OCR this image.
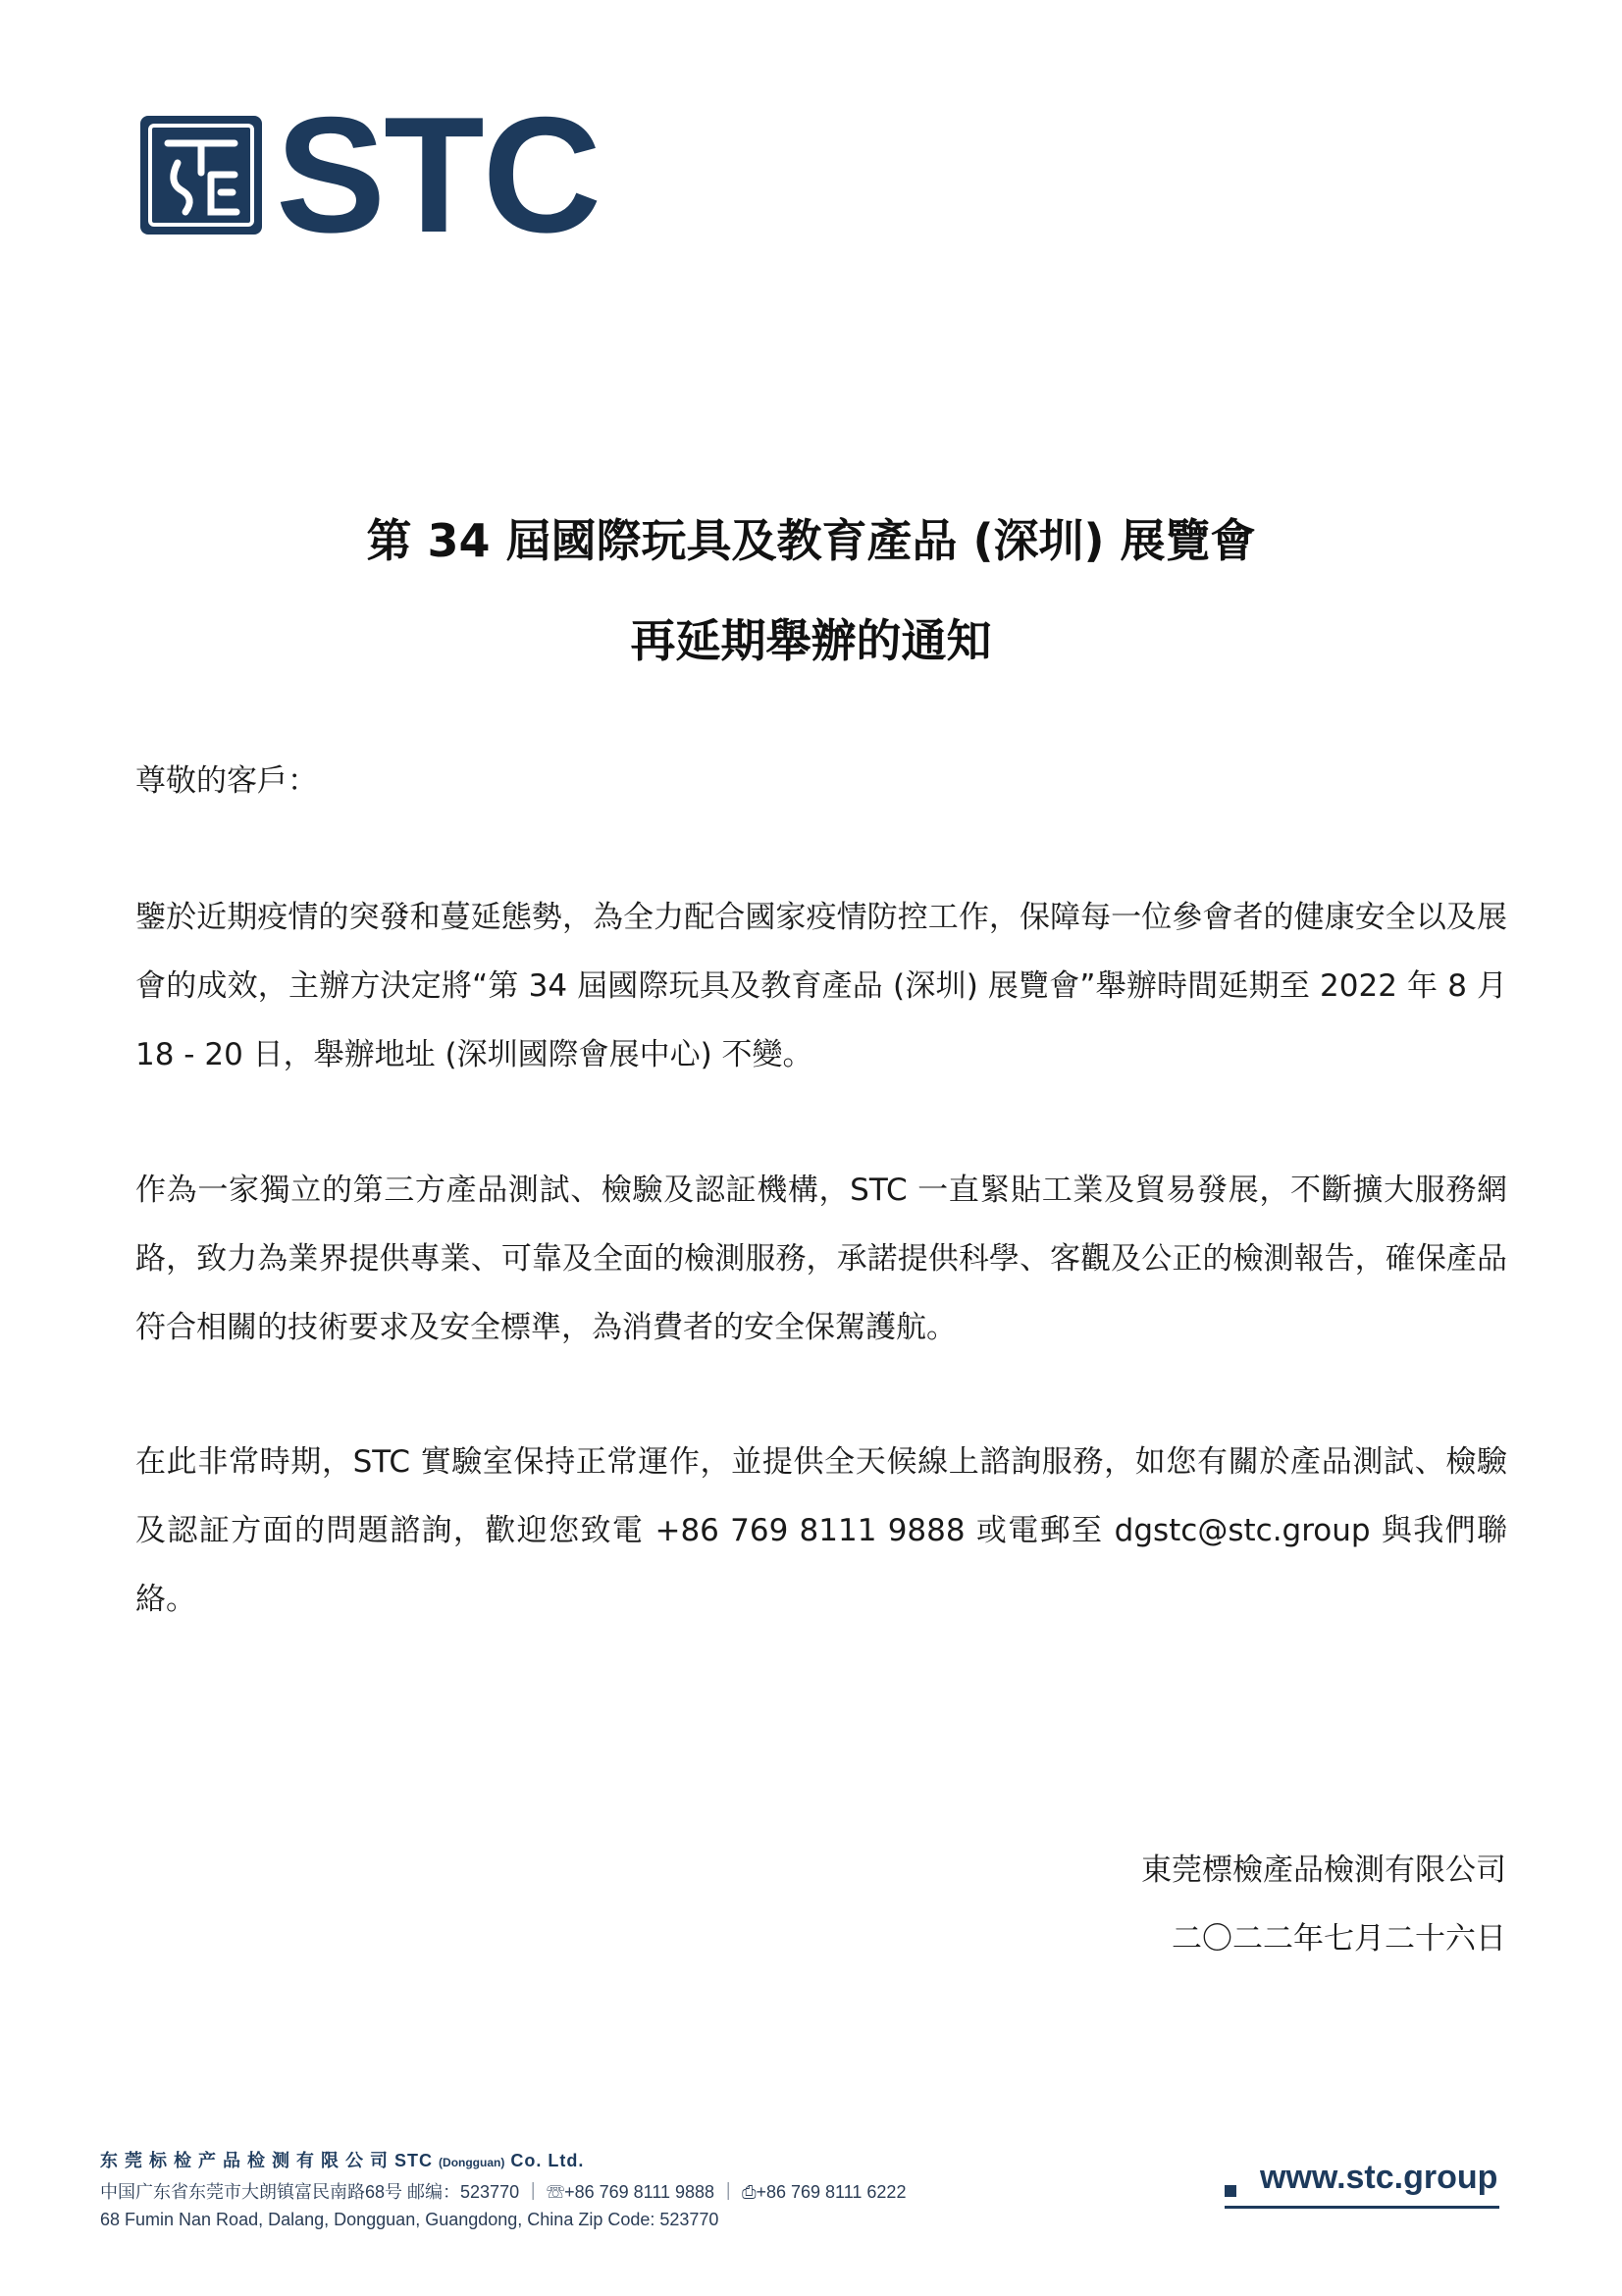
STC
第 34 屆國際玩具及教育產品 (深圳) 展覽會
再延期舉辦的通知
尊敬的客戶：
鑒於近期疫情的突發和蔓延態勢，為全力配合國家疫情防控工作，保障每一位參會者的健康安全以及展會的成效，主辦方決定將“第 34 屆國際玩具及教育產品 (深圳) 展覽會”舉辦時間延期至 2022 年 8 月 18 - 20 日，舉辦地址 (深圳國際會展中心) 不變。
作為一家獨立的第三方產品測試、檢驗及認証機構，STC 一直緊貼工業及貿易發展，不斷擴大服務網路，致力為業界提供專業、可靠及全面的檢測服務，承諾提供科學、客觀及公正的檢測報告，確保產品符合相關的技術要求及安全標準，為消費者的安全保駕護航。
在此非常時期，STC 實驗室保持正常運作，並提供全天候線上諮詢服務，如您有關於產品測試、檢驗及認証方面的問題諮詢，歡迎您致電 +86 769 8111 9888 或電郵至 dgstc@stc.group 與我們聯絡。
東莞標檢產品檢測有限公司
二〇二二年七月二十六日
东 莞 标 检 产 品 检 测 有 限 公 司 STC (Dongguan) Co. Ltd.
中国广东省东莞市大朗镇富民南路68号 邮编：523770 ｜ ☏+86 769 8111 9888 ｜ ⎙+86 769 8111 6222
68 Fumin Nan Road, Dalang, Dongguan, Guangdong, China Zip Code: 523770
www.stc.group
